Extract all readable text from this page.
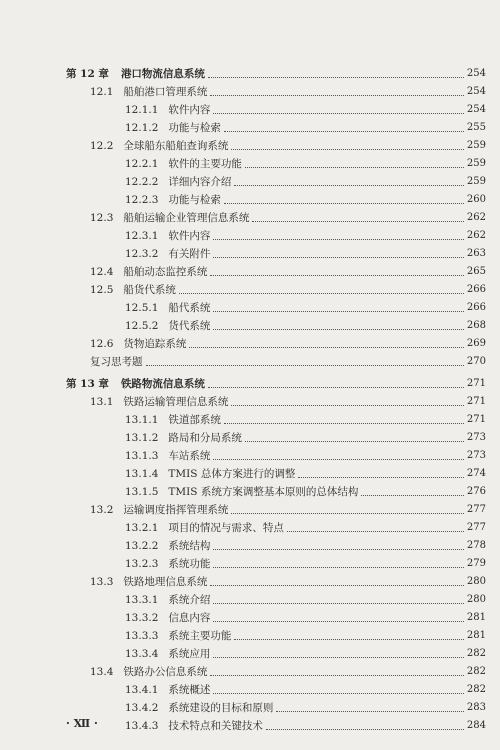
第 12 章 港口物流信息系统	254
12.1 船舶港口管理系统	254
12.1.1 软件内容	254
12.1.2 功能与检索	255
12.2 全球船东船舶查询系统	259
12.2.1 软件的主要功能	259
12.2.2 详细内容介绍	259
12.2.3 功能与检索	260
12.3 船舶运输企业管理信息系统	262
12.3.1 软件内容	262
12.3.2 有关附件	263
12.4 船舶动态监控系统	265
12.5 船货代系统	266
12.5.1 船代系统	266
12.5.2 货代系统	268
12.6 货物追踪系统	269
复习思考题	270
第 13 章 铁路物流信息系统	271
13.1 铁路运输管理信息系统	271
13.1.1 铁道部系统	271
13.1.2 路局和分局系统	273
13.1.3 车站系统	273
13.1.4 TMIS 总体方案进行的调整	274
13.1.5 TMIS 系统方案调整基本原则的总体结构	276
13.2 运输调度指挥管理系统	277
13.2.1 项目的情况与需求、特点	277
13.2.2 系统结构	278
13.2.3 系统功能	279
13.3 铁路地理信息系统	280
13.3.1 系统介绍	280
13.3.2 信息内容	281
13.3.3 系统主要功能	281
13.3.4 系统应用	282
13.4 铁路办公信息系统	282
13.4.1 系统概述	282
13.4.2 系统建设的目标和原则	283
13.4.3 技术特点和关键技术	284
· Ⅻ ·
